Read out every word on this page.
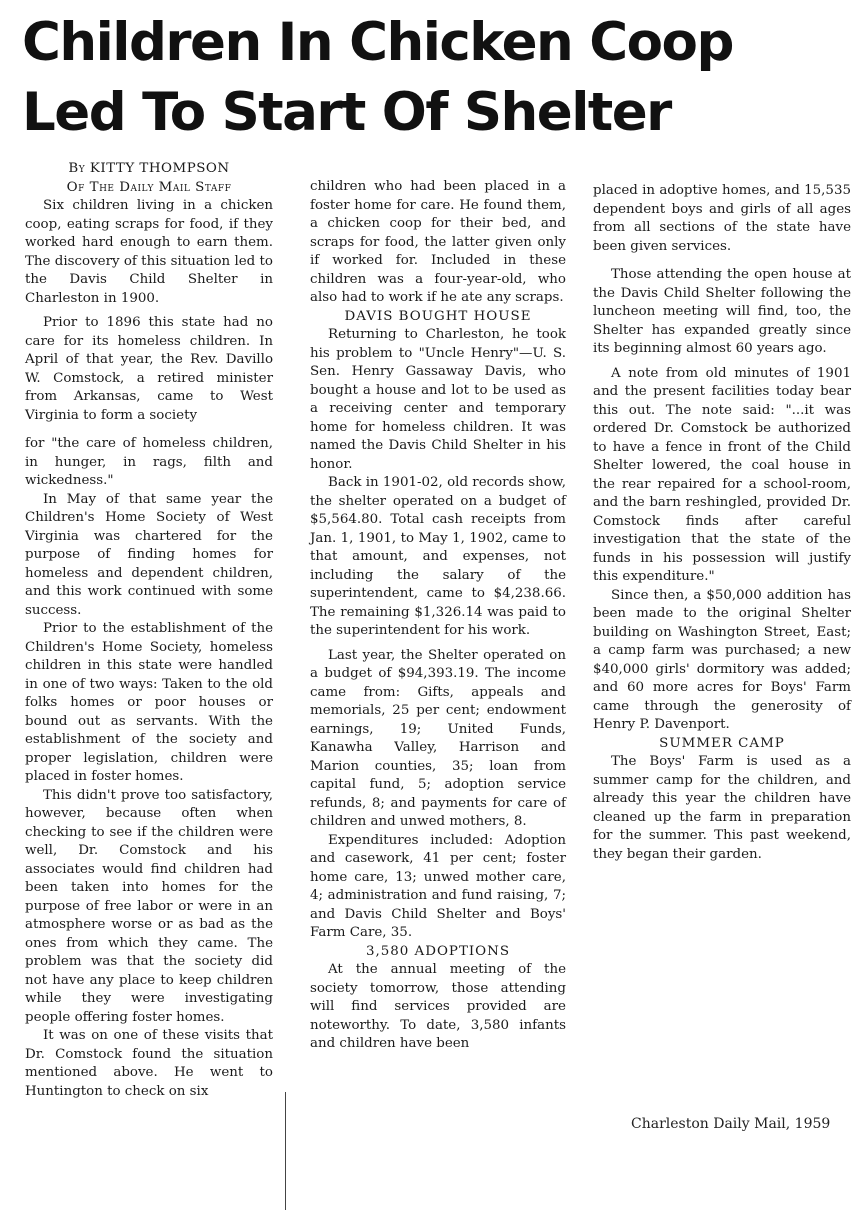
Children In Chicken Coop
Led To Start Of Shelter

By KITTY THOMPSON

Of The Daily Mail Staff

Six children living in a chicken coop, eating scraps for food, if they worked hard enough to earn them. The discovery of this situation led to the Davis Child Shelter in Charleston in 1900.

Prior to 1896 this state had no care for its homeless children. In April of that year, the Rev. Davillo W. Comstock, a retired minister from Arkansas, came to West Virginia to form a society

for "the care of homeless children, in hunger, in rags, filth and wickedness."

In May of that same year the Children's Home Society of West Virginia was chartered for the purpose of finding homes for homeless and dependent children, and this work continued with some success.

Prior to the establishment of the Children's Home Society, homeless children in this state were handled in one of two ways: Taken to the old folks homes or poor houses or bound out as servants. With the establishment of the society and proper legislation, children were placed in foster homes.

This didn't prove too satisfactory, however, because often when checking to see if the children were well, Dr. Comstock and his associates would find children had been taken into homes for the purpose of free labor or were in an atmosphere worse or as bad as the ones from which they came. The problem was that the society did not have any place to keep children while they were investigating people offering foster homes.

It was on one of these visits that Dr. Comstock found the situation mentioned above. He went to Huntington to check on six

children who had been placed in a foster home for care. He found them, a chicken coop for their bed, and scraps for food, the latter given only if worked for. Included in these children was a four-year-old, who also had to work if he ate any scraps.

DAVIS BOUGHT HOUSE

Returning to Charleston, he took his problem to "Uncle Henry"—U. S. Sen. Henry Gassaway Davis, who bought a house and lot to be used as a receiving center and temporary home for homeless children. It was named the Davis Child Shelter in his honor.

Back in 1901-02, old records show, the shelter operated on a budget of $5,564.80. Total cash receipts from Jan. 1, 1901, to May 1, 1902, came to that amount, and expenses, not including the salary of the superintendent, came to $4,238.66. The remaining $1,326.14 was paid to the superintendent for his work.

Last year, the Shelter operated on a budget of $94,393.19. The income came from: Gifts, appeals and memorials, 25 per cent; endowment earnings, 19; United Funds, Kanawha Valley, Harrison and Marion counties, 35; loan from capital fund, 5; adoption service refunds, 8; and payments for care of children and unwed mothers, 8.

Expenditures included: Adoption and casework, 41 per cent; foster home care, 13; unwed mother care, 4; administration and fund raising, 7; and Davis Child Shelter and Boys' Farm Care, 35.

3,580 ADOPTIONS

At the annual meeting of the society tomorrow, those attending will find services provided are noteworthy. To date, 3,580 infants and children have been

placed in adoptive homes, and 15,535 dependent boys and girls of all ages from all sections of the state have been given services.

Those attending the open house at the Davis Child Shelter following the luncheon meeting will find, too, the Shelter has expanded greatly since its beginning almost 60 years ago.

A note from old minutes of 1901 and the present facilities today bear this out. The note said: "...it was ordered Dr. Comstock be authorized to have a fence in front of the Child Shelter lowered, the coal house in the rear repaired for a school-room, and the barn reshingled, provided Dr. Comstock finds after careful investigation that the state of the funds in his possession will justify this expenditure."

Since then, a $50,000 addition has been made to the original Shelter building on Washington Street, East; a camp farm was purchased; a new $40,000 girls' dormitory was added; and 60 more acres for Boys' Farm came through the generosity of Henry P. Davenport.

SUMMER CAMP

The Boys' Farm is used as a summer camp for the children, and already this year the children have cleaned up the farm in preparation for the summer. This past weekend, they began their garden.

Charleston Daily Mail, 1959
